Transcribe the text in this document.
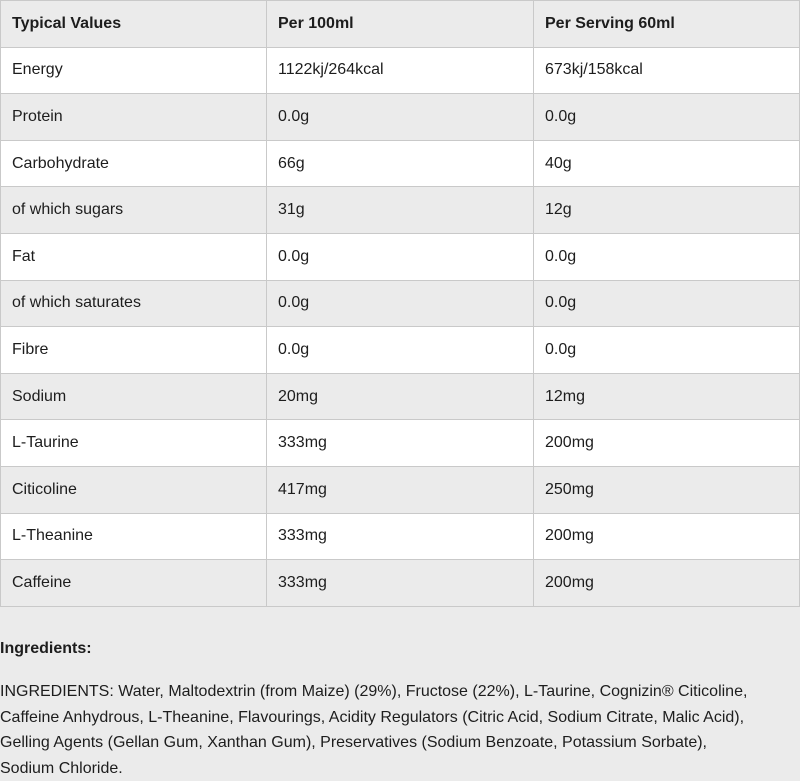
Typical Values	Per 100ml	Per Serving 60ml
Energy	1122kj/264kcal	673kj/158kcal
Protein	0.0g	0.0g
Carbohydrate	66g	40g
of which sugars	31g	12g
Fat	0.0g	0.0g
of which saturates	0.0g	0.0g
Fibre	0.0g	0.0g
Sodium	20mg	12mg
L-Taurine	333mg	200mg
Citicoline	417mg	250mg
L-Theanine	333mg	200mg
Caffeine	333mg	200mg
Ingredients:
INGREDIENTS: Water, Maltodextrin (from Maize) (29%), Fructose (22%), L-Taurine, Cognizin® Citicoline,
Caffeine Anhydrous, L-Theanine, Flavourings, Acidity Regulators (Citric Acid, Sodium Citrate, Malic Acid),
Gelling Agents (Gellan Gum, Xanthan Gum), Preservatives (Sodium Benzoate, Potassium Sorbate),
Sodium Chloride.
